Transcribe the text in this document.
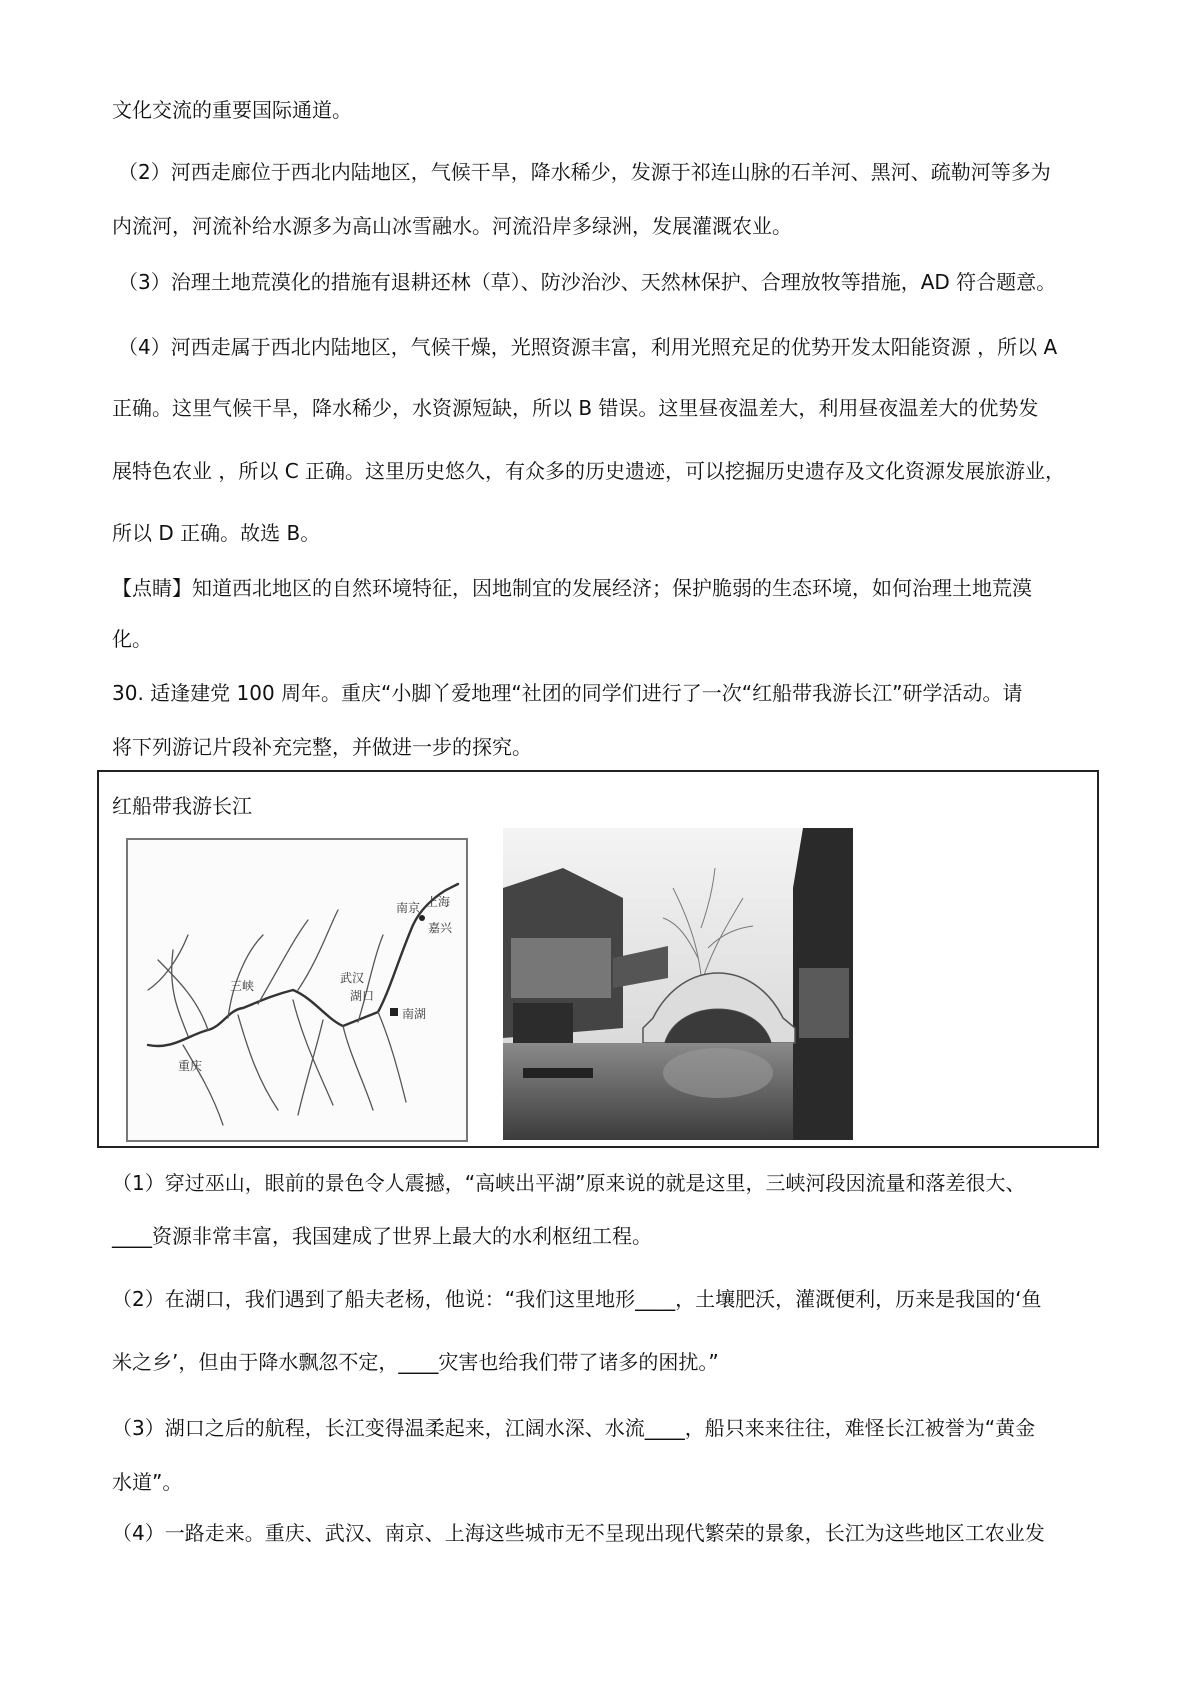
文化交流的重要国际通道。
（2）河西走廊位于西北内陆地区，气候干旱，降水稀少，发源于祁连山脉的石羊河、黑河、疏勒河等多为
内流河，河流补给水源多为高山冰雪融水。河流沿岸多绿洲，发展灌溉农业。
（3）治理土地荒漠化的措施有退耕还林（草）、防沙治沙、天然林保护、合理放牧等措施，AD 符合题意。
（4）河西走属于西北内陆地区，气候干燥，光照资源丰富，利用光照充足的优势开发太阳能资源 ，所以 A
正确。这里气候干旱，降水稀少，水资源短缺，所以 B 错误。这里昼夜温差大，利用昼夜温差大的优势发
展特色农业 ，所以 C 正确。这里历史悠久，有众多的历史遗迹，可以挖掘历史遗存及文化资源发展旅游业，
所以 D 正确。故选 B。
【点睛】知道西北地区的自然环境特征，因地制宜的发展经济；保护脆弱的生态环境，如何治理土地荒漠
化。
30. 适逢建党 100 周年。重庆“小脚丫爱地理“社团的同学们进行了一次“红船带我游长江”研学活动。请
将下列游记片段补充完整，并做进一步的探究。
红船带我游长江
重庆
三峡
武汉
湖口
南京 上海
嘉兴
南湖
（1）穿过巫山，眼前的景色令人震撼，“高峡出平湖”原来说的就是这里，三峡河段因流量和落差很大、
____资源非常丰富，我国建成了世界上最大的水利枢纽工程。
（2）在湖口，我们遇到了船夫老杨，他说：“我们这里地形____，土壤肥沃，灌溉便利，历来是我国的‘鱼
米之乡’，但由于降水飘忽不定，____灾害也给我们带了诸多的困扰。”
（3）湖口之后的航程，长江变得温柔起来，江阔水深、水流____，船只来来往往，难怪长江被誉为“黄金
水道”。
（4）一路走来。重庆、武汉、南京、上海这些城市无不呈现出现代繁荣的景象，长江为这些地区工农业发
